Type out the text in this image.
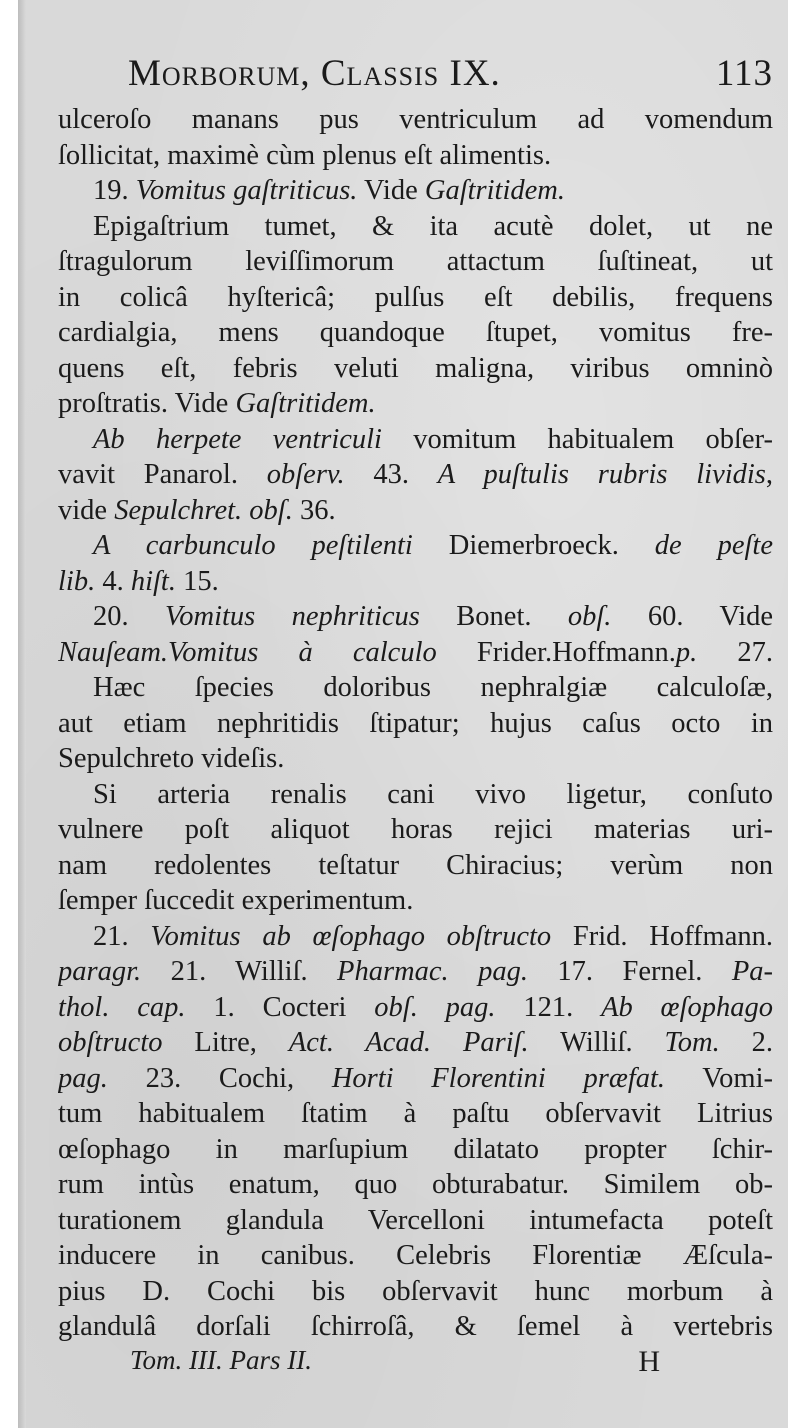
Morborum, Classis IX.	113
ulceroſo manans pus ventriculum ad vomendum
ſollicitat, maximè cùm plenus eſt alimentis.
19. Vomitus gaſtriticus. Vide Gaſtritidem.
Epigaſtrium tumet, & ita acutè dolet, ut ne
ſtragulorum leviſſimorum attactum ſuſtineat, ut
in colicâ hyſtericâ; pulſus eſt debilis, frequens
cardialgia, mens quandoque ſtupet, vomitus fre-
quens eſt, febris veluti maligna, viribus omninò
proſtratis. Vide Gaſtritidem.
Ab herpete ventriculi vomitum habitualem obſer-
vavit Panarol. obſerv. 43. A puſtulis rubris lividis,
vide Sepulchret. obſ. 36.
A carbunculo peſtilenti Diemerbroeck. de peſte
lib. 4. hiſt. 15.
20. Vomitus nephriticus Bonet. obſ. 60. Vide
Nauſeam.Vomitus à calculo Frider.Hoffmann.p. 27.
Hæc ſpecies doloribus nephralgiæ calculoſæ,
aut etiam nephritidis ſtipatur; hujus caſus octo in
Sepulchreto videſis.
Si arteria renalis cani vivo ligetur, conſuto
vulnere poſt aliquot horas rejici materias uri-
nam redolentes teſtatur Chiracius; verùm non
ſemper ſuccedit experimentum.
21. Vomitus ab œſophago obſtructo Frid. Hoffmann.
paragr. 21. Williſ. Pharmac. pag. 17. Fernel. Pa-
thol. cap. 1. Cocteri obſ. pag. 121. Ab œſophago
obſtructo Litre, Act. Acad. Pariſ. Williſ. Tom. 2.
pag. 23. Cochi, Horti Florentini præfat. Vomi-
tum habitualem ſtatim à paſtu obſervavit Litrius
œſophago in marſupium dilatato propter ſchir-
rum intùs enatum, quo obturabatur. Similem ob-
turationem glandula Vercelloni intumefacta poteſt
inducere in canibus. Celebris Florentiæ Æſcula-
pius D. Cochi bis obſervavit hunc morbum à
glandulâ dorſali ſchirroſâ, & ſemel à vertebris
Tom. III. Pars II.	H
